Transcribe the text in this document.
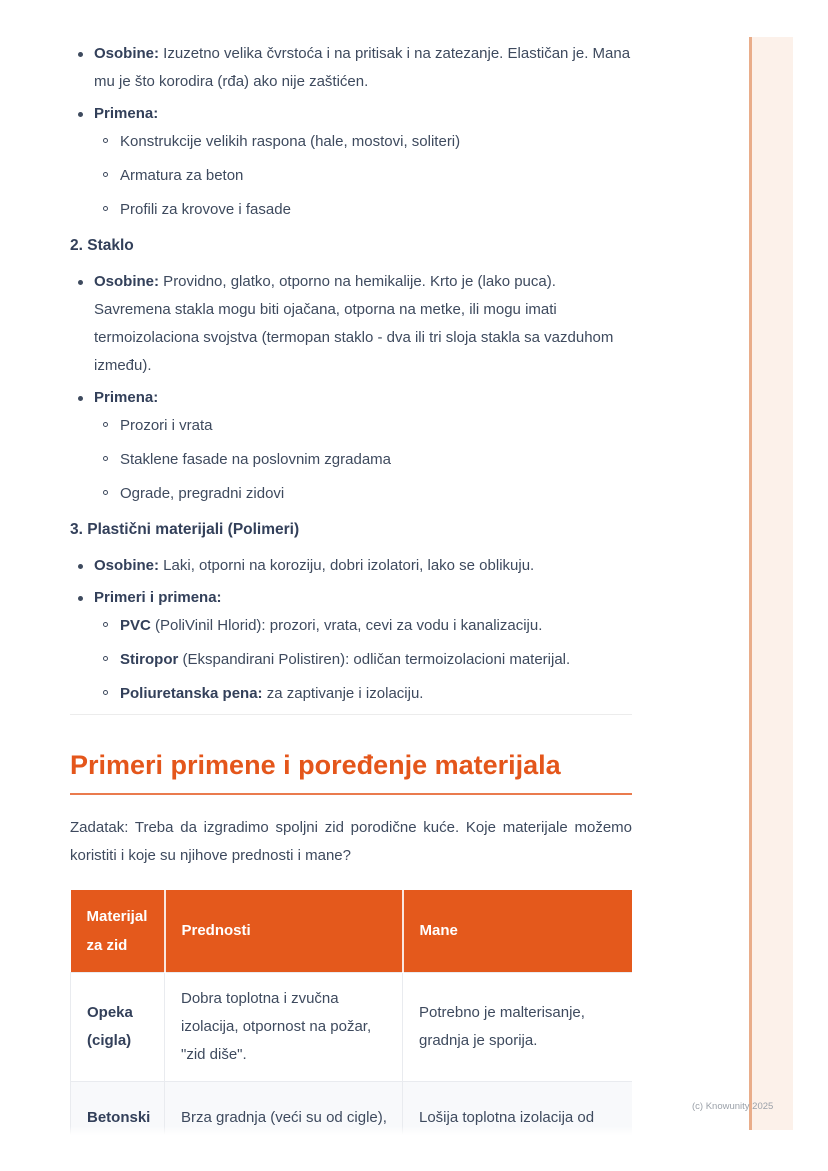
(c) Knowunity 2025
Osobine: Izuzetno velika čvrstoća i na pritisak i na zatezanje. Elastičan je. Mana mu je što korodira (rđa) ako nije zaštićen.
Primena:
Konstrukcije velikih raspona (hale, mostovi, soliteri)
Armatura za beton
Profili za krovove i fasade
2. Staklo
Osobine: Providno, glatko, otporno na hemikalije. Krto je (lako puca). Savremena stakla mogu biti ojačana, otporna na metke, ili mogu imati termoizolaciona svojstva (termopan staklo - dva ili tri sloja stakla sa vazduhom između).
Primena:
Prozori i vrata
Staklene fasade na poslovnim zgradama
Ograde, pregradni zidovi
3. Plastični materijali (Polimeri)
Osobine: Laki, otporni na koroziju, dobri izolatori, lako se oblikuju.
Primeri i primena:
PVC (PoliVinil Hlorid): prozori, vrata, cevi za vodu i kanalizaciju.
Stiropor (Ekspandirani Polistiren): odličan termoizolacioni materijal.
Poliuretanska pena: za zaptivanje i izolaciju.
Primeri primene i poređenje materijala

Zadatak: Treba da izgradimo spoljni zid porodične kuće. Koje materijale možemo koristiti i koje su njihove prednosti i mane?

Materijal za zid	Prednosti	Mane
Opeka (cigla)	Dobra toplotna i zvučna izolacija, otpornost na požar, "zid diše".	Potrebno je malterisanje, gradnja je sporija.
Betonski	Brza gradnja (veći su od cigle),	Lošija toplotna izolacija od
